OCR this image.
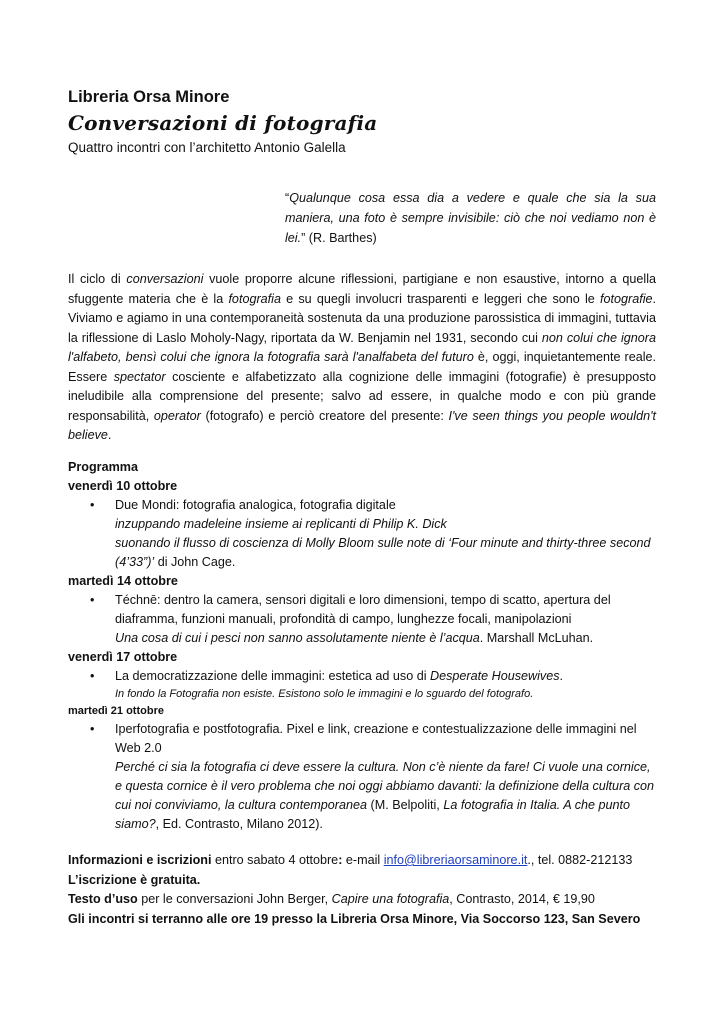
Libreria Orsa Minore
Conversazioni di fotografia
Quattro incontri con l’architetto Antonio Galella
“Qualunque cosa essa dia a vedere e quale che sia la sua maniera, una foto è sempre invisibile: ciò che noi vediamo non è lei.” (R. Barthes)
Il ciclo di conversazioni vuole proporre alcune riflessioni, partigiane e non esaustive, intorno a quella sfuggente materia che è la fotografia e su quegli involucri trasparenti e leggeri che sono le fotografie. Viviamo e agiamo in una contemporaneità sostenuta da una produzione parossistica di immagini, tuttavia la riflessione di Laslo Moholy-Nagy, riportata da W. Benjamin nel 1931, secondo cui non colui che ignora l'alfabeto, bensì colui che ignora la fotografia sarà l'analfabeta del futuro è, oggi, inquietantemente reale. Essere spectator cosciente e alfabetizzato alla cognizione delle immagini (fotografie) è presupposto ineludibile alla comprensione del presente; salvo ad essere, in qualche modo e con più grande responsabilità, operator (fotografo) e perciò creatore del presente: I've seen things you people wouldn't believe.
Programma
venerdì 10 ottobre
• Due Mondi: fotografia analogica, fotografia digitale
inzuppando madeleine insieme ai replicanti di Philip K. Dick
suonando il flusso di coscienza di Molly Bloom sulle note di ‘Four minute and thirty-three second (4’33”)’ di John Cage.
martedì 14 ottobre
• Téchnē: dentro la camera, sensori digitali e loro dimensioni, tempo di scatto, apertura del diaframma, funzioni manuali, profondità di campo, lunghezze focali, manipolazioni
Una cosa di cui i pesci non sanno assolutamente niente è l’acqua. Marshall McLuhan.
venerdì 17 ottobre
• La democratizzazione delle immagini: estetica ad uso di Desperate Housewives.
In fondo la Fotografia non esiste. Esistono solo le immagini e lo sguardo del fotografo.
martedì 21 ottobre
• Iperfotografia e postfotografia. Pixel e link, creazione e contestualizzazione delle immagini nel Web 2.0
Perché ci sia la fotografia ci deve essere la cultura. Non c’è niente da fare! Ci vuole una cornice, e questa cornice è il vero problema che noi oggi abbiamo davanti: la definizione della cultura con cui noi conviviamo, la cultura contemporanea (M. Belpoliti, La fotografia in Italia. A che punto siamo?, Ed. Contrasto, Milano 2012).
Informazioni e iscrizioni entro sabato 4 ottobre: e-mail info@libreriaorsaminore.it., tel. 0882-212133
L’iscrizione è gratuita.
Testo d’uso per le conversazioni John Berger, Capire una fotografia, Contrasto, 2014, € 19,90
Gli incontri si terranno alle ore 19 presso la Libreria Orsa Minore, Via Soccorso 123, San Severo
